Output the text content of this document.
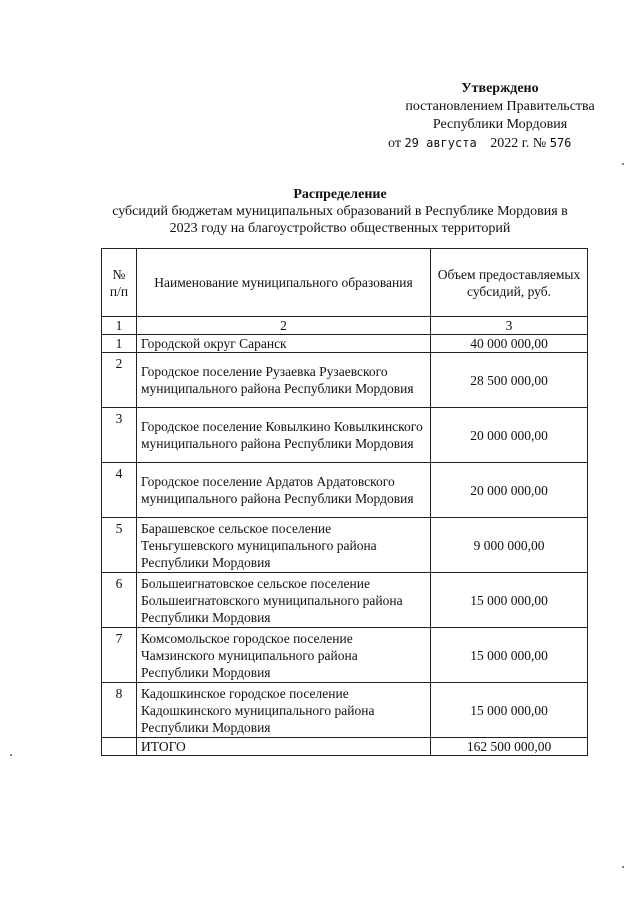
Утверждено
постановлением Правительства
Республики Мордовия
от 29 августа 2022 г. № 576
Распределение
субсидий бюджетам муниципальных образований в Республике Мордовия в
2023 году на благоустройство общественных территорий
№ п/п	Наименование муниципального образования	Объем предоставляемых субсидий, руб.
1	2	3
1	Городской округ Саранск	40 000 000,00
2	Городское поселение Рузаевка Рузаевского муниципального района Республики Мордовия	28 500 000,00
3	Городское поселение Ковылкино Ковылкинского муниципального района Республики Мордовия	20 000 000,00
4	Городское поселение Ардатов Ардатовского муниципального района Республики Мордовия	20 000 000,00
5	Барашевское сельское поселение Теньгушевского муниципального района Республики Мордовия	9 000 000,00
6	Большеигнатовское сельское поселение Большеигнатовского муниципального района Республики Мордовия	15 000 000,00
7	Комсомольское городское поселение Чамзинского муниципального района Республики Мордовия	15 000 000,00
8	Кадошкинское городское поселение Кадошкинского муниципального района Республики Мордовия	15 000 000,00
	ИТОГО	162 500 000,00
